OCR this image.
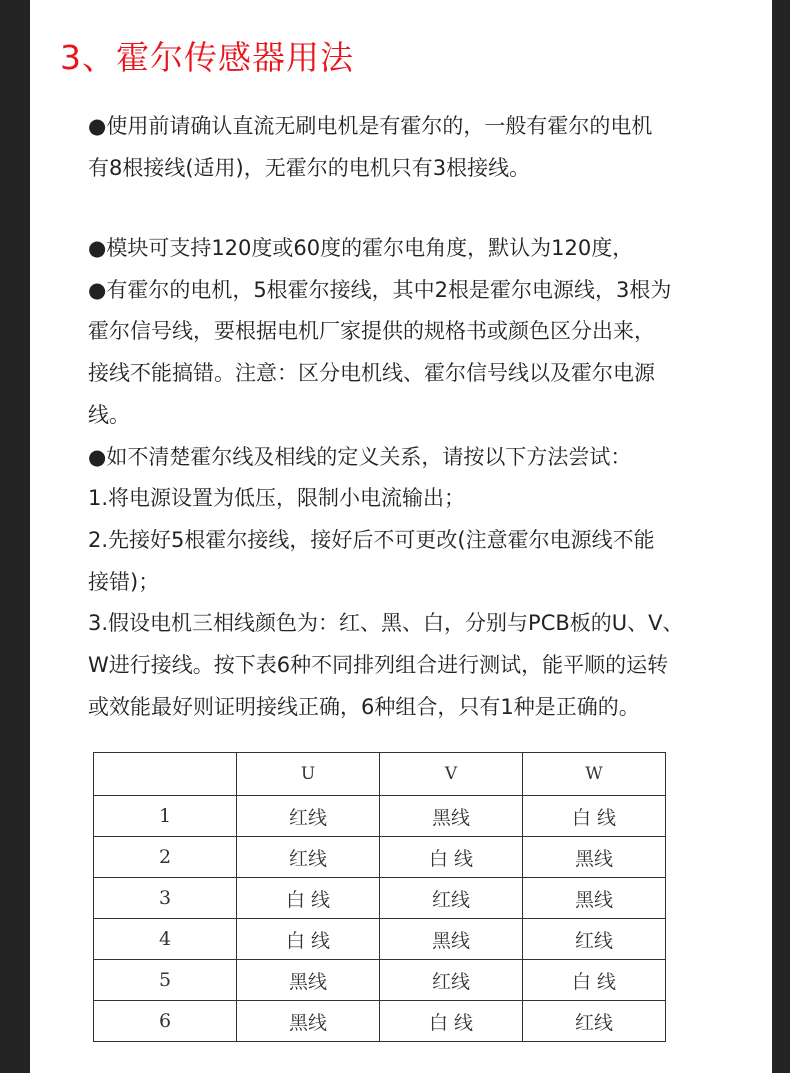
3、霍尔传感器用法
●使用前请确认直流无刷电机是有霍尔的，一般有霍尔的电机
有8根接线(适用)，无霍尔的电机只有3根接线。
●模块可支持120度或60度的霍尔电角度，默认为120度，
●有霍尔的电机，5根霍尔接线，其中2根是霍尔电源线，3根为
霍尔信号线，要根据电机厂家提供的规格书或颜色区分出来，
接线不能搞错。注意：区分电机线、霍尔信号线以及霍尔电源
线。
●如不清楚霍尔线及相线的定义关系，请按以下方法尝试：
1.将电源设置为低压，限制小电流输出；
2.先接好5根霍尔接线，接好后不可更改(注意霍尔电源线不能
接错)；
3.假设电机三相线颜色为：红、黑、白，分别与PCB板的U、V、
W进行接线。按下表6种不同排列组合进行测试，能平顺的运转
或效能最好则证明接线正确，6种组合，只有1种是正确的。
	U	V	W
1	红线	黑线	白 线
2	红线	白 线	黑线
3	白 线	红线	黑线
4	白 线	黑线	红线
5	黑线	红线	白 线
6	黑线	白 线	红线
